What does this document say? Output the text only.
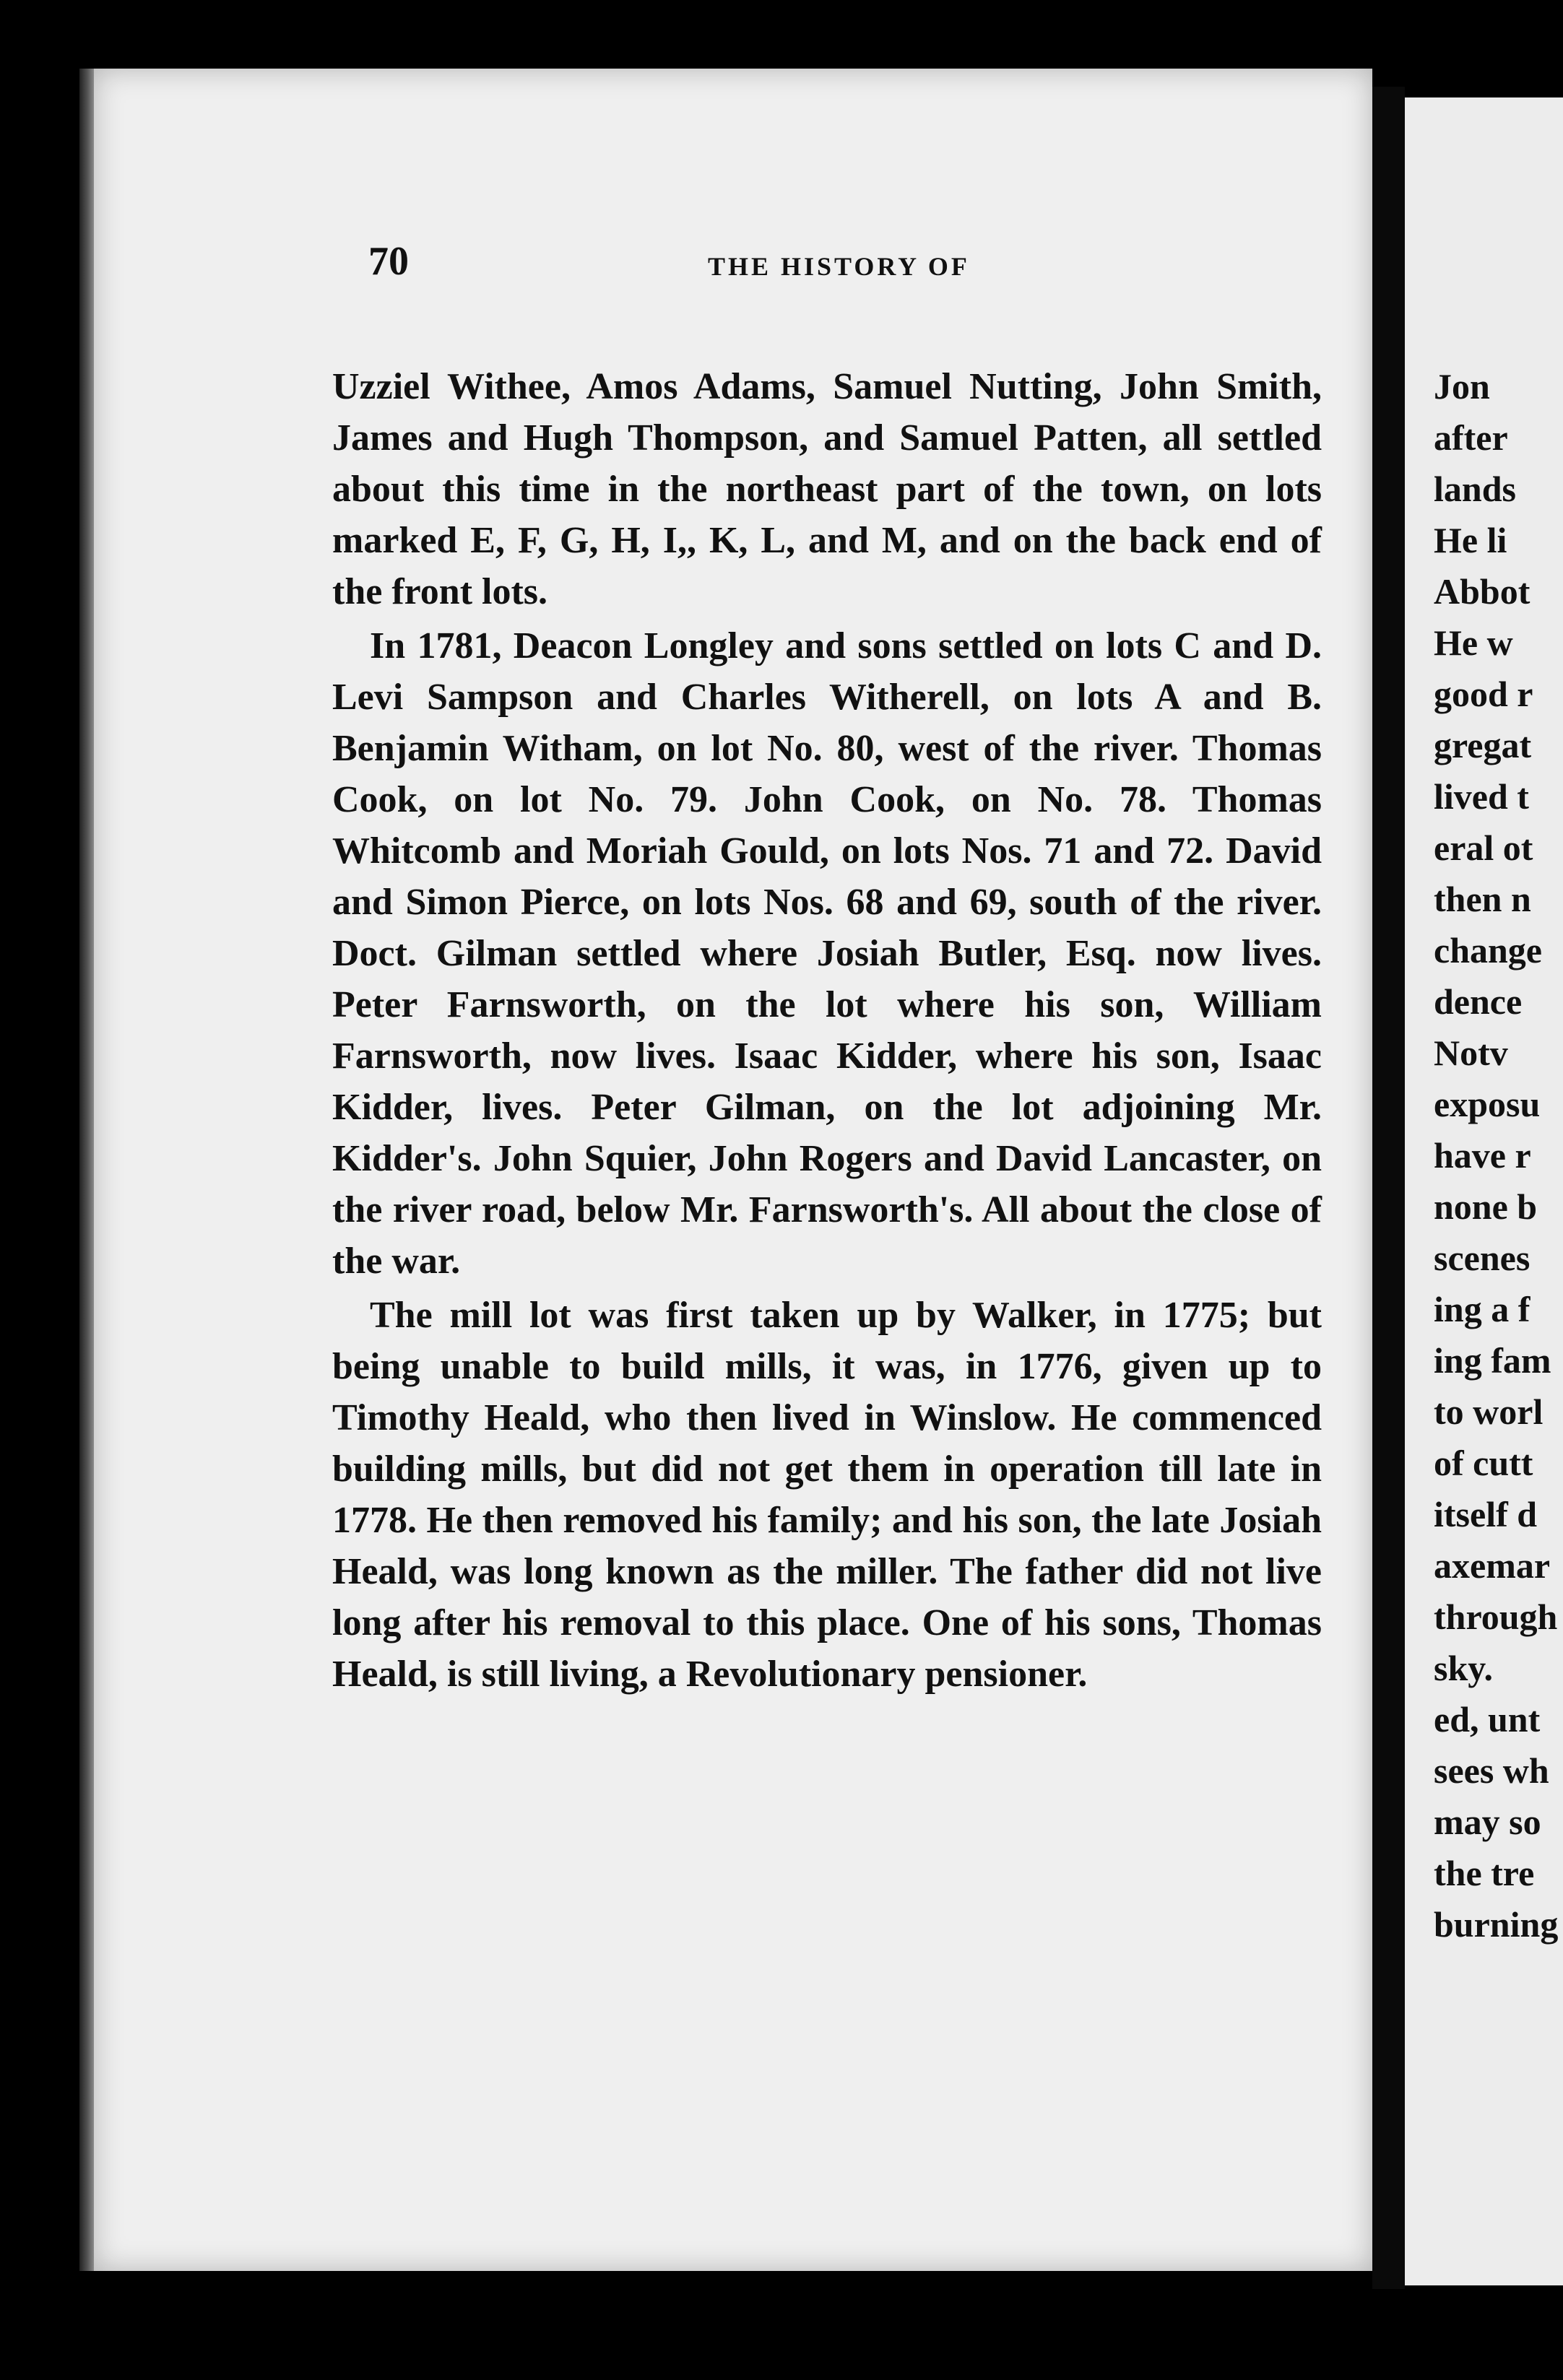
70	THE HISTORY OF

Uzziel Withee, Amos Adams, Samuel Nutting, John Smith, James and Hugh Thompson, and Samuel Patten, all settled about this time in the northeast part of the town, on lots marked E, F, G, H, I,, K, L, and M, and on the back end of the front lots.

In 1781, Deacon Longley and sons settled on lots C and D. Levi Sampson and Charles Witherell, on lots A and B. Benjamin Witham, on lot No. 80, west of the river. Thomas Cook, on lot No. 79. John Cook, on No. 78. Thomas Whitcomb and Moriah Gould, on lots Nos. 71 and 72. David and Simon Pierce, on lots Nos. 68 and 69, south of the river. Doct. Gilman settled where Josiah Butler, Esq. now lives. Peter Farnsworth, on the lot where his son, William Farnsworth, now lives. Isaac Kidder, where his son, Isaac Kidder, lives. Peter Gilman, on the lot adjoining Mr. Kidder's. John Squier, John Rogers and David Lancaster, on the river road, below Mr. Farnsworth's. All about the close of the war.

The mill lot was first taken up by Walker, in 1775; but being unable to build mills, it was, in 1776, given up to Timothy Heald, who then lived in Winslow. He commenced building mills, but did not get them in operation till late in 1778. He then removed his family; and his son, the late Josiah Heald, was long known as the miller. The father did not live long after his removal to this place. One of his sons, Thomas Heald, is still living, a Revolutionary pensioner.

Jon
after
lands
He li
Abbot
He w
good r
gregat
lived t
eral ot
then n
change
dence
Notv
exposu
have r
none b
scenes
ing a f
ing fam
to worl
of cutt
itself d
axemar
through
sky.
ed, unt
sees wh
may so
the tre
burning
